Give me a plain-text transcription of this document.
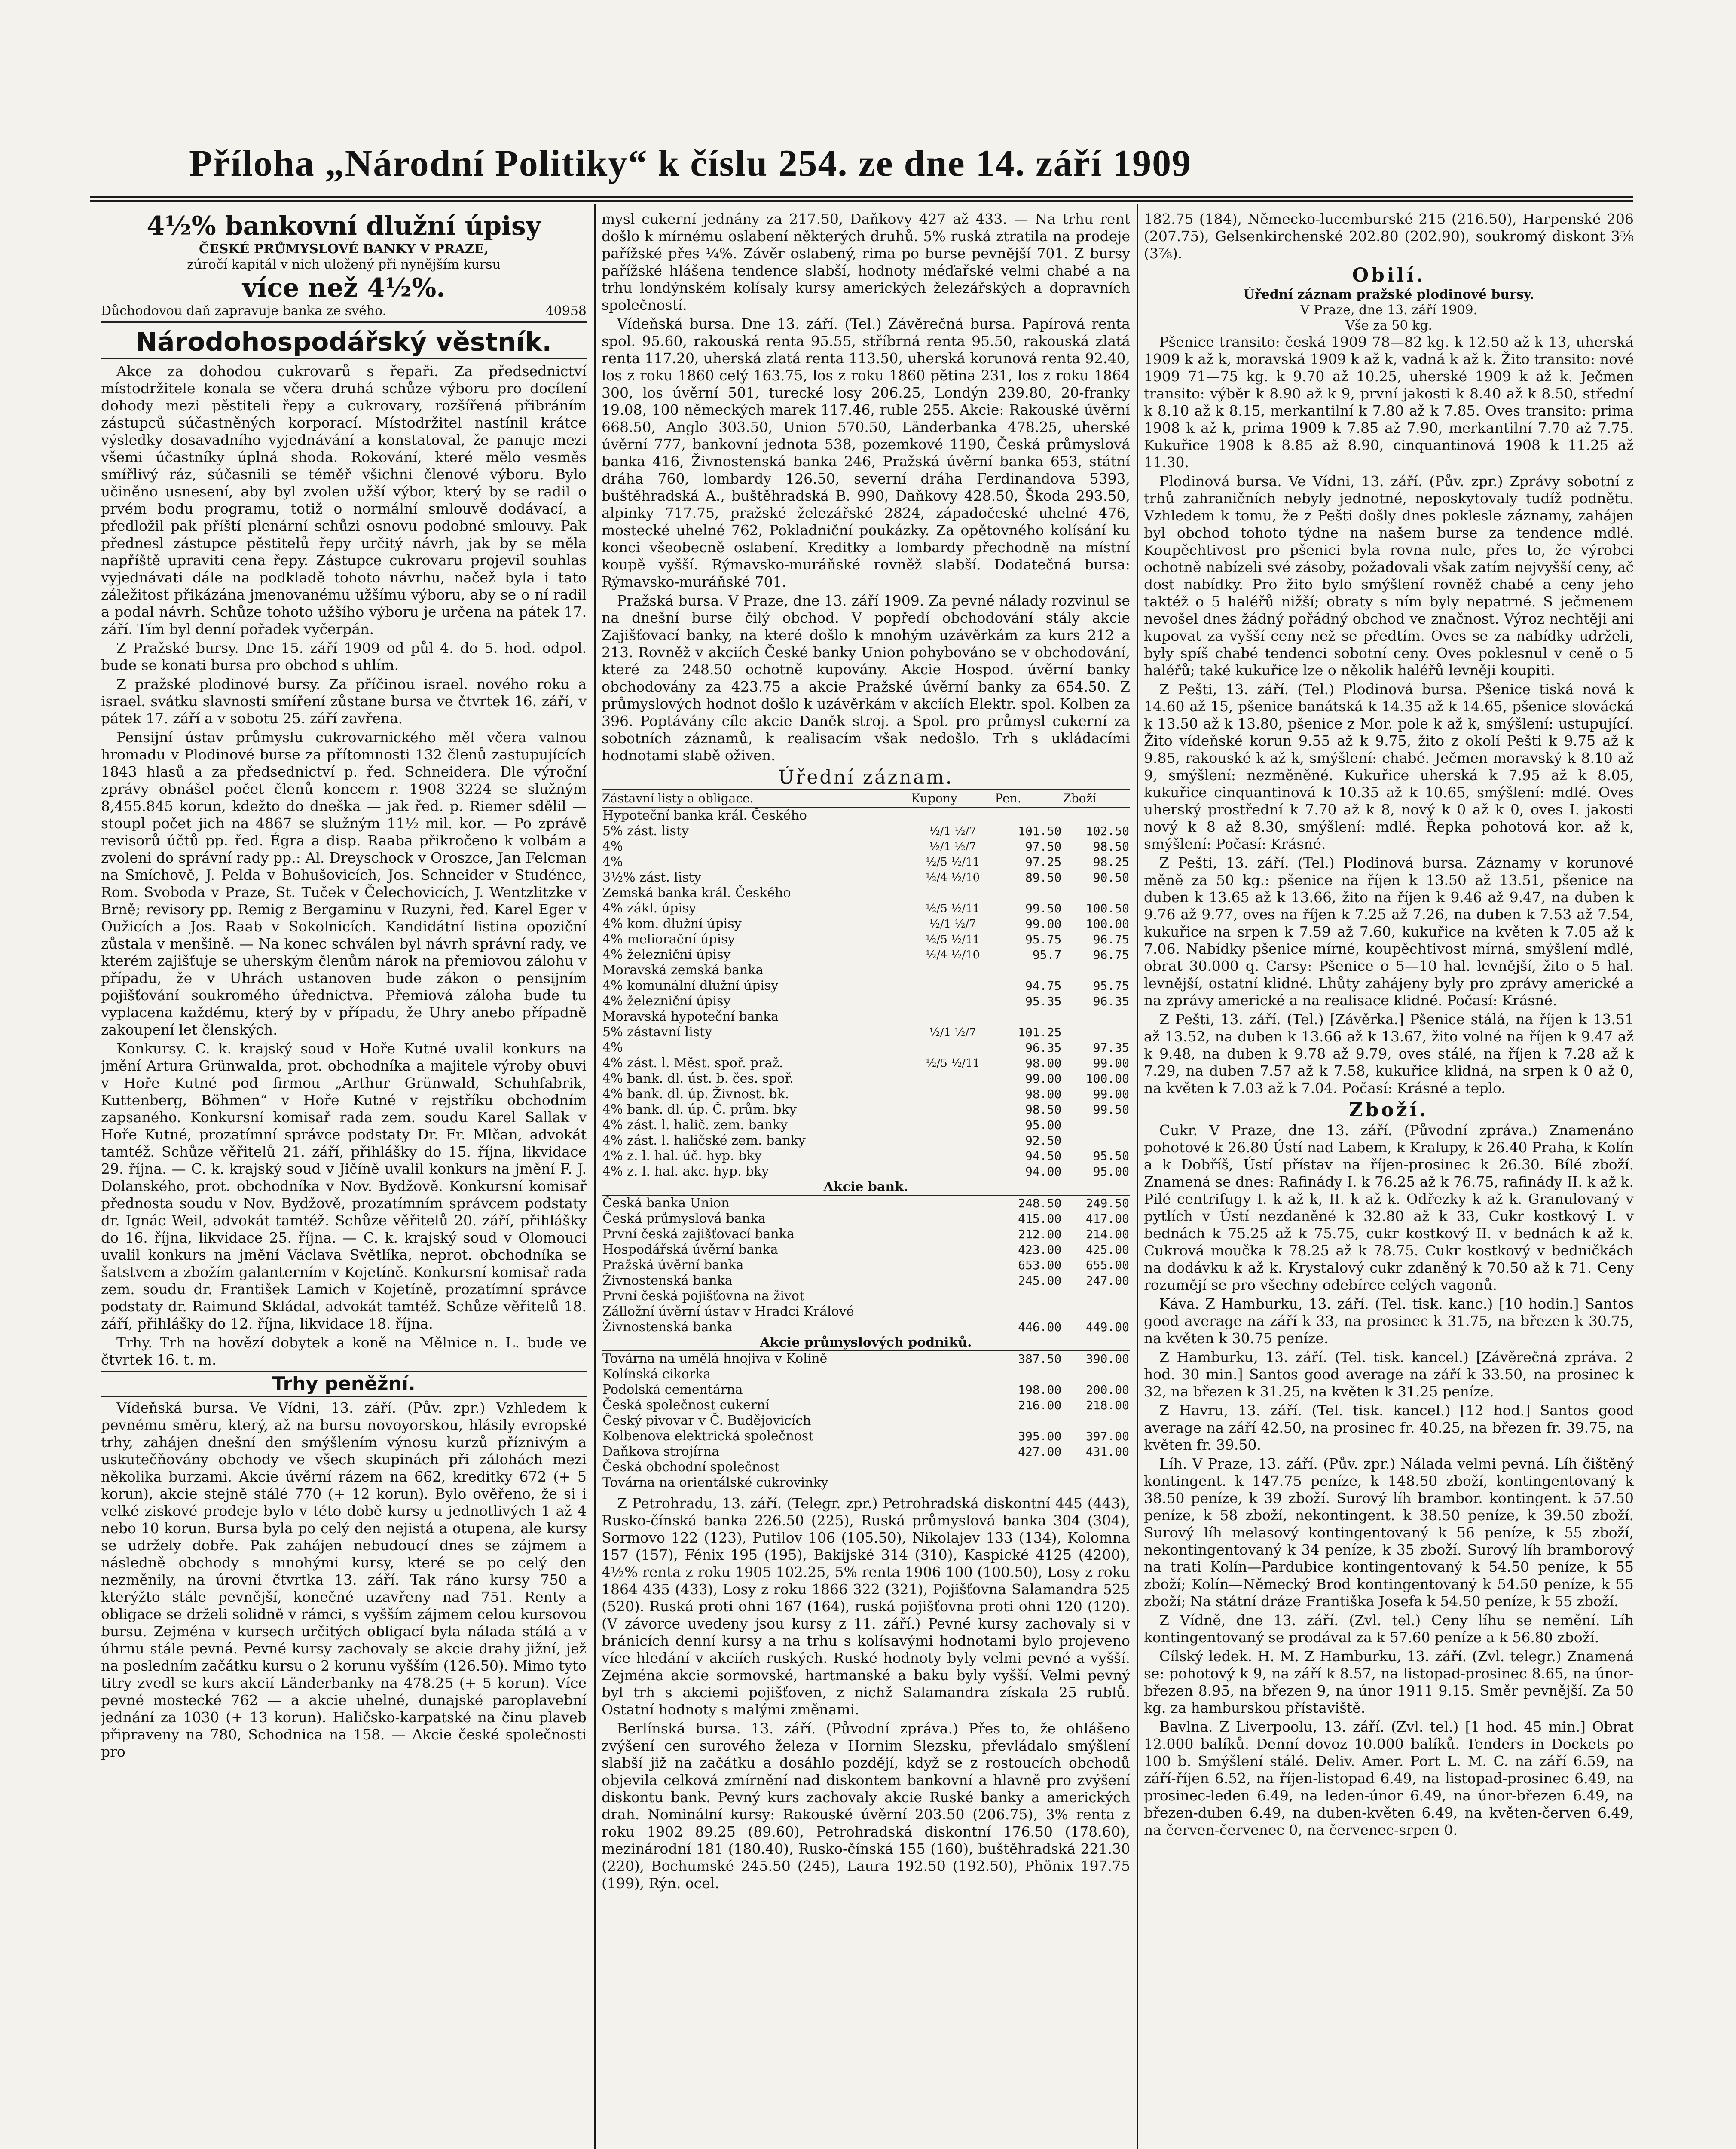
Příloha „Národní Politiky“ k číslu 254. ze dne 14. září 1909
4½% bankovní dlužní úpisy
ČESKÉ PRŮMYSLOVÉ BANKY V PRAZE,
zúročí kapitál v nich uložený při nynějším kursu
více než 4½%.
Důchodovou daň zapravuje banka ze svého.	40958
Národohospodářský věstník.

Akce za dohodou cukrovarů s řepaři. Za předsednictví místodržitele konala se včera druhá schůze výboru pro docílení dohody mezi pěstiteli řepy a cukrovary, rozšířená přibráním zástupců súčastněných korporací. Místodržitel nastínil krátce výsledky dosavadního vyjednávání a konstatoval, že panuje mezi všemi účastníky úplná shoda. Rokování, které mělo vesměs smířlivý ráz, súčasnili se téměř všichni členové výboru. Bylo učiněno usnesení, aby byl zvolen užší výbor, který by se radil o prvém bodu programu, totiž o normální smlouvě dodávací, a předložil pak příští plenární schůzi osnovu podobné smlouvy. Pak přednesl zástupce pěstitelů řepy určitý návrh, jak by se měla napříště upraviti cena řepy. Zástupce cukrovaru projevil souhlas vyjednávati dále na podkladě tohoto návrhu, načež byla i tato záležitost přikázána jmenovanému užšímu výboru, aby se o ní radil a podal návrh. Schůze tohoto užšího výboru je určena na pátek 17. září. Tím byl denní pořadek vyčerpán.

Z Pražské bursy. Dne 15. září 1909 od půl 4. do 5. hod. odpol. bude se konati bursa pro obchod s uhlím.

Z pražské plodinové bursy. Za příčinou israel. nového roku a israel. svátku slavnosti smíření zůstane bursa ve čtvrtek 16. září, v pátek 17. září a v sobotu 25. září zavřena.

Pensijní ústav průmyslu cukrovarnického měl včera valnou hromadu v Plodinové burse za přítomnosti 132 členů zastupujících 1843 hlasů a za předsednictví p. řed. Schneidera. Dle výroční zprávy obnášel počet členů koncem r. 1908 3224 se služným 8,455.845 korun, kdežto do dneška — jak řed. p. Riemer sdělil — stoupl počet jich na 4867 se služným 11½ mil. kor. — Po zprávě revisorů účtů pp. řed. Égra a disp. Raaba přikročeno k volbám a zvoleni do správní rady pp.: Al. Dreyschock v Oroszce, Jan Felcman na Smíchově, J. Pelda v Bohušovicích, Jos. Schneider v Studénce, Rom. Svoboda v Praze, St. Tuček v Čelechovicích, J. Wentzlitzke v Brně; revisory pp. Remig z Bergaminu v Ruzyni, řed. Karel Eger v Oužicích a Jos. Raab v Sokolnicích. Kandidátní listina opoziční zůstala v menšině. — Na konec schválen byl návrh správní rady, ve kterém zajišťuje se uherským členům nárok na přemiovou zálohu v případu, že v Uhrách ustanoven bude zákon o pensijním pojišťování soukromého úřednictva. Přemiová záloha bude tu vyplacena každému, který by v případu, že Uhry anebo případně zakoupení let členských.

Konkursy. C. k. krajský soud v Hoře Kutné uvalil konkurs na jmění Artura Grünwalda, prot. obchodníka a majitele výroby obuvi v Hoře Kutné pod firmou „Arthur Grünwald, Schuhfabrik, Kuttenberg, Böhmen“ v Hoře Kutné v rejstříku obchodním zapsaného. Konkursní komisař rada zem. soudu Karel Sallak v Hoře Kutné, prozatímní správce podstaty Dr. Fr. Mlčan, advokát tamtéž. Schůze věřitelů 21. září, přihlášky do 15. října, likvidace 29. října. — C. k. krajský soud v Jičíně uvalil konkurs na jmění F. J. Dolanského, prot. obchodníka v Nov. Bydžově. Konkursní komisař přednosta soudu v Nov. Bydžově, prozatímním správcem podstaty dr. Ignác Weil, advokát tamtéž. Schůze věřitelů 20. září, přihlášky do 16. října, likvidace 25. října. — C. k. krajský soud v Olomouci uvalil konkurs na jmění Václava Světlíka, neprot. obchodníka se šatstvem a zbožím galanterním v Kojetíně. Konkursní komisař rada zem. soudu dr. František Lamich v Kojetíně, prozatímní správce podstaty dr. Raimund Skládal, advokát tamtéž. Schůze věřitelů 18. září, přihlášky do 12. října, likvidace 18. října.

Trhy. Trh na hovězí dobytek a koně na Mělnice n. L. bude ve čtvrtek 16. t. m.

Trhy peněžní.

Vídeňská bursa. Ve Vídni, 13. září. (Pův. zpr.) Vzhledem k pevnému směru, který, až na bursu novoyorskou, hlásily evropské trhy, zahájen dnešní den smýšlením výnosu kurzů příznivým a uskutečňovány obchody ve všech skupinách při zálohách mezi několika burzami. Akcie úvěrní rázem na 662, kreditky 672 (+ 5 korun), akcie stejně stálé 770 (+ 12 korun). Bylo ověřeno, že si i velké ziskové prodeje bylo v této době kursy u jednotlivých 1 až 4 nebo 10 korun. Bursa byla po celý den nejistá a otupena, ale kursy se udržely dobře. Pak zahájen nebudoucí dnes se zájmem a následně obchody s mnohými kursy, které se po celý den nezměnily, na úrovni čtvrtka 13. září. Tak ráno kursy 750 a kterýžto stále pevnější, konečné uzavřeny nad 751. Renty a obligace se drželi solidně v rámci, s vyšším zájmem celou kursovou bursu. Zejména v kursech určitých obligací byla nálada stálá a v úhrnu stále pevná. Pevné kursy zachovaly se akcie drahy jižní, jež na posledním začátku kursu o 2 korunu vyšším (126.50). Mimo tyto titry zvedl se kurs akcií Länderbanky na 478.25 (+ 5 korun). Více pevné mostecké 762 — a akcie uhelné, dunajské paroplavební jednání za 1030 (+ 13 korun). Haličsko-karpatské na činu plaveb připraveny na 780, Schodnica na 158. — Akcie české společnosti pro

mysl cukerní jednány za 217.50, Daňkovy 427 až 433. — Na trhu rent došlo k mírnému oslabení některých druhů. 5% ruská ztratila na prodeje pařížské přes ¼%. Závěr oslabený, rima po burse pevnější 701. Z bursy pařížské hlášena tendence slabší, hodnoty méďařské velmi chabé a na trhu londýnském kolísaly kursy amerických železářských a dopravních společností.

Vídeňská bursa. Dne 13. září. (Tel.) Závěrečná bursa. Papírová renta spol. 95.60, rakouská renta 95.55, stříbrná renta 95.50, rakouská zlatá renta 117.20, uherská zlatá renta 113.50, uherská korunová renta 92.40, los z roku 1860 celý 163.75, los z roku 1860 pětina 231, los z roku 1864 300, los úvěrní 501, turecké losy 206.25, Londýn 239.80, 20-franky 19.08, 100 německých marek 117.46, ruble 255. Akcie: Rakouské úvěrní 668.50, Anglo 303.50, Union 570.50, Länderbanka 478.25, uherské úvěrní 777, bankovní jednota 538, pozemkové 1190, Česká průmyslová banka 416, Živnostenská banka 246, Pražská úvěrní banka 653, státní dráha 760, lombardy 126.50, severní dráha Ferdinandova 5393, buštěhradská A., buštěhradská B. 990, Daňkovy 428.50, Škoda 293.50, alpinky 717.75, pražské železářské 2824, západočeské uhelné 476, mostecké uhelné 762, Pokladniční poukázky. Za opětovného kolísání ku konci všeobecně oslabení. Kreditky a lombardy přechodně na místní koupě vyšší. Rýmavsko-muráňské rovněž slabší. Dodatečná bursa: Rýmavsko-muráňské 701.

Pražská bursa. V Praze, dne 13. září 1909. Za pevné nálady rozvinul se na dnešní burse čilý obchod. V popředí obchodování stály akcie Zajišťovací banky, na které došlo k mnohým uzávěrkám za kurs 212 a 213. Rovněž v akciích České banky Union pohybováno se v obchodování, které za 248.50 ochotně kupovány. Akcie Hospod. úvěrní banky obchodovány za 423.75 a akcie Pražské úvěrní banky za 654.50. Z průmyslových hodnot došlo k uzávěrkám v akciích Elektr. spol. Kolben za 396. Poptávány cíle akcie Daněk stroj. a Spol. pro průmysl cukerní za sobotních záznamů, k realisacím však nedošlo. Trh s ukládacími hodnotami slabě oživen.

Úřední záznam.
Zástavní listy a obligace.	Kupony	Pen.	Zboží
Hypoteční banka král. Českého			
5% zást. listy	½/1 ½/7	101.50	102.50
4%	½/1 ½/7	97.50	98.50
4%	½/5 ½/11	97.25	98.25
3½% zást. listy	½/4 ½/10	89.50	90.50
Zemská banka král. Českého			
4% zákl. úpisy	½/5 ½/11	99.50	100.50
4% kom. dlužní úpisy	½/1 ½/7	99.00	100.00
4% meliorační úpisy	½/5 ½/11	95.75	96.75
4% železniční úpisy	½/4 ½/10	95.7	96.75
Moravská zemská banka			
4% komunální dlužní úpisy		94.75	95.75
4% železniční úpisy		95.35	96.35
Moravská hypoteční banka			
5% zástavní listy	½/1 ½/7	101.25	
4%		96.35	97.35
4% zást. l. Měst. spoř. praž.	½/5 ½/11	98.00	99.00
4% bank. dl. úst. b. čes. spoř.		99.00	100.00
4% bank. dl. úp. Živnost. bk.		98.00	99.00
4% bank. dl. úp. Č. prům. bky		98.50	99.50
4% zást. l. halič. zem. banky		95.00	
4% zást. l. haličské zem. banky		92.50	
4% z. l. hal. úč. hyp. bky		94.50	95.50
4% z. l. hal. akc. hyp. bky		94.00	95.00
Akcie bank.			
Česká banka Union		248.50	249.50
Česká průmyslová banka		415.00	417.00
První česká zajišťovací banka		212.00	214.00
Hospodářská úvěrní banka		423.00	425.00
Pražská úvěrní banka		653.00	655.00
Živnostenská banka		245.00	247.00
První česká pojišťovna na život			
Zálložní úvěrní ústav v Hradci Králové			
Živnostenská banka		446.00	449.00
Akcie průmyslových podniků.			
Továrna na umělá hnojiva v Kolíně		387.50	390.00
Kolínská cikorka			
Podolská cementárna		198.00	200.00
Česká společnost cukerní		216.00	218.00
Český pivovar v Č. Budějovicích			
Kolbenova elektrická společnost		395.00	397.00
Daňkova strojírna		427.00	431.00
Česká obchodní společnost			
Továrna na orientálské cukrovinky			

Z Petrohradu, 13. září. (Telegr. zpr.) Petrohradská diskontní 445 (443), Rusko-čínská banka 226.50 (225), Ruská průmyslová banka 304 (304), Sormovo 122 (123), Putilov 106 (105.50), Nikolajev 133 (134), Kolomna 157 (157), Fénix 195 (195), Bakijské 314 (310), Kaspické 4125 (4200), 4½% renta z roku 1905 102.25, 5% renta 1906 100 (100.50), Losy z roku 1864 435 (433), Losy z roku 1866 322 (321), Pojišťovna Salamandra 525 (520). Ruská proti ohni 167 (164), ruská pojišťovna proti ohni 120 (120). (V závorce uvedeny jsou kursy z 11. září.) Pevné kursy zachovaly si v bránicích denní kursy a na trhu s kolísavými hodnotami bylo projeveno více hledání v akciích ruských. Ruské hodnoty byly velmi pevné a vyšší. Zejména akcie sormovské, hartmanské a baku byly vyšší. Velmi pevný byl trh s akciemi pojišťoven, z nichž Salamandra získala 25 rublů. Ostatní hodnoty s malými změnami.

Berlínská bursa. 13. září. (Původní zpráva.) Přes to, že ohlášeno zvýšení cen surového železa v Hornim Slezsku, převládalo smýšlení slabší již na začátku a dosáhlo pozdějí, když se z rostoucích obchodů objevila celková zmírnění nad diskontem bankovní a hlavně pro zvýšení diskontu bank. Pevný kurs zachovaly akcie Ruské banky a amerických drah. Nominální kursy: Rakouské úvěrní 203.50 (206.75), 3% renta z roku 1902 89.25 (89.60), Petrohradská diskontní 176.50 (178.60), mezinárodní 181 (180.40), Rusko-čínská 155 (160), buštěhradská 221.30 (220), Bochumské 245.50 (245), Laura 192.50 (192.50), Phönix 197.75 (199), Rýn. ocel.

182.75 (184), Německo-lucemburské 215 (216.50), Harpenské 206 (207.75), Gelsenkirchenské 202.80 (202.90), soukromý diskont 3⅝ (3⅞).

Obilí.
Úřední záznam pražské plodinové bursy.
V Praze, dne 13. září 1909.
Vše za 50 kg.

Pšenice transito: česká 1909 78—82 kg. k 12.50 až k 13, uherská 1909 k až k, moravská 1909 k až k, vadná k až k. Žito transito: nové 1909 71—75 kg. k 9.70 až 10.25, uherské 1909 k až k. Ječmen transito: výběr k 8.90 až k 9, první jakosti k 8.40 až k 8.50, střední k 8.10 až k 8.15, merkantilní k 7.80 až k 7.85. Oves transito: prima 1908 k až k, prima 1909 k 7.85 až 7.90, merkantilní 7.70 až 7.75. Kukuřice 1908 k 8.85 až 8.90, cinquantinová 1908 k 11.25 až 11.30.

Plodinová bursa. Ve Vídni, 13. září. (Pův. zpr.) Zprávy sobotní z trhů zahraničních nebyly jednotné, neposkytovaly tudíž podnětu. Vzhledem k tomu, že z Pešti došly dnes poklesle záznamy, zahájen byl obchod tohoto týdne na našem burse za tendence mdlé. Koupěchtivost pro pšenici byla rovna nule, přes to, že výrobci ochotně nabízeli své zásoby, požadovali však zatím nejvyšší ceny, ač dost nabídky. Pro žito bylo smýšlení rovněž chabé a ceny jeho taktéž o 5 haléřů nižší; obraty s ním byly nepatrné. S ječmenem nevošel dnes žádný pořádný obchod ve značnost. Výroz nechtěji ani kupovat za vyšší ceny než se předtím. Oves se za nabídky udrželi, byly spíš chabé tendenci sobotní ceny. Oves poklesnul v ceně o 5 haléřů; také kukuřice lze o několik haléřů levněji koupiti.

Z Pešti, 13. září. (Tel.) Plodinová bursa. Pšenice tiská nová k 14.60 až 15, pšenice banátská k 14.35 až k 14.65, pšenice slovácká k 13.50 až k 13.80, pšenice z Mor. pole k až k, smýšlení: ustupující. Žito vídeňské korun 9.55 až k 9.75, žito z okolí Pešti k 9.75 až k 9.85, rakouské k až k, smýšlení: chabé. Ječmen moravský k 8.10 až 9, smýšlení: nezměněné. Kukuřice uherská k 7.95 až k 8.05, kukuřice cinquantinová k 10.35 až k 10.65, smýšlení: mdlé. Oves uherský prostřední k 7.70 až k 8, nový k 0 až k 0, oves I. jakosti nový k 8 až 8.30, smýšlení: mdlé. Řepka pohotová kor. až k, smýšlení: Počasí: Krásné.

Z Pešti, 13. září. (Tel.) Plodinová bursa. Záznamy v korunové měně za 50 kg.: pšenice na říjen k 13.50 až 13.51, pšenice na duben k 13.65 až k 13.66, žito na říjen k 9.46 až 9.47, na duben k 9.76 až 9.77, oves na říjen k 7.25 až 7.26, na duben k 7.53 až 7.54, kukuřice na srpen k 7.59 až 7.60, kukuřice na květen k 7.05 až k 7.06. Nabídky pšenice mírné, koupěchtivost mírná, smýšlení mdlé, obrat 30.000 q. Carsy: Pšenice o 5—10 hal. levnější, žito o 5 hal. levnější, ostatní klidné. Lhůty zahájeny byly pro zprávy americké a na zprávy americké a na realisace klidné. Počasí: Krásné.

Z Pešti, 13. září. (Tel.) [Závěrka.] Pšenice stálá, na říjen k 13.51 až 13.52, na duben k 13.66 až k 13.67, žito volné na říjen k 9.47 až k 9.48, na duben k 9.78 až 9.79, oves stálé, na říjen k 7.28 až k 7.29, na duben 7.57 až k 7.58, kukuřice klidná, na srpen k 0 až 0, na květen k 7.03 až k 7.04. Počasí: Krásné a teplo.

Zboží.

Cukr. V Praze, dne 13. září. (Původní zpráva.) Znamenáno pohotové k 26.80 Ústí nad Labem, k Kralupy, k 26.40 Praha, k Kolín a k Dobříš, Ústí přístav na říjen-prosinec k 26.30. Bílé zboží. Znamená se dnes: Rafinády I. k 76.25 až k 76.75, rafinády II. k až k. Pilé centrifugy I. k až k, II. k až k. Odřezky k až k. Granulovaný v pytlích v Ústí nezdaněné k 32.80 až k 33, Cukr kostkový I. v bednách k 75.25 až k 75.75, cukr kostkový II. v bednách k až k. Cukrová moučka k 78.25 až k 78.75. Cukr kostkový v bedničkách na dodávku k až k. Krystalový cukr zdaněný k 70.50 až k 71. Ceny rozumějí se pro všechny odebírce celých vagonů.

Káva. Z Hamburku, 13. září. (Tel. tisk. kanc.) [10 hodin.] Santos good average na září k 33, na prosinec k 31.75, na březen k 30.75, na květen k 30.75 peníze.

Z Hamburku, 13. září. (Tel. tisk. kancel.) [Závěrečná zpráva. 2 hod. 30 min.] Santos good average na září k 33.50, na prosinec k 32, na březen k 31.25, na květen k 31.25 peníze.

Z Havru, 13. září. (Tel. tisk. kancel.) [12 hod.] Santos good average na září 42.50, na prosinec fr. 40.25, na březen fr. 39.75, na květen fr. 39.50.

Líh. V Praze, 13. září. (Pův. zpr.) Nálada velmi pevná. Líh čištěný kontingent. k 147.75 peníze, k 148.50 zboží, kontingentovaný k 38.50 peníze, k 39 zboží. Surový líh brambor. kontingent. k 57.50 peníze, k 58 zboží, nekontingent. k 38.50 peníze, k 39.50 zboží. Surový líh melasový kontingentovaný k 56 peníze, k 55 zboží, nekontingentovaný k 34 peníze, k 35 zboží. Surový líh bramborový na trati Kolín—Pardubice kontingentovaný k 54.50 peníze, k 55 zboží; Kolín—Německý Brod kontingentovaný k 54.50 peníze, k 55 zboží; Na státní dráze Františka Josefa k 54.50 peníze, k 55 zboží.

Z Vídně, dne 13. září. (Zvl. tel.) Ceny líhu se nemění. Líh kontingentovaný se prodával za k 57.60 peníze a k 56.80 zboží.

Cílský ledek. H. M. Z Hamburku, 13. září. (Zvl. telegr.) Znamená se: pohotový k 9, na září k 8.57, na listopad-prosinec 8.65, na únor-březen 8.95, na březen 9, na únor 1911 9.15. Směr pevnější. Za 50 kg. za hamburskou přístaviště.

Bavlna. Z Liverpoolu, 13. září. (Zvl. tel.) [1 hod. 45 min.] Obrat 12.000 balíků. Denní dovoz 10.000 balíků. Tenders in Dockets po 100 b. Smýšlení stálé. Deliv. Amer. Port L. M. C. na září 6.59, na září-říjen 6.52, na říjen-listopad 6.49, na listopad-prosinec 6.49, na prosinec-leden 6.49, na leden-únor 6.49, na únor-březen 6.49, na březen-duben 6.49, na duben-květen 6.49, na květen-červen 6.49, na červen-červenec 0, na červenec-srpen 0.
